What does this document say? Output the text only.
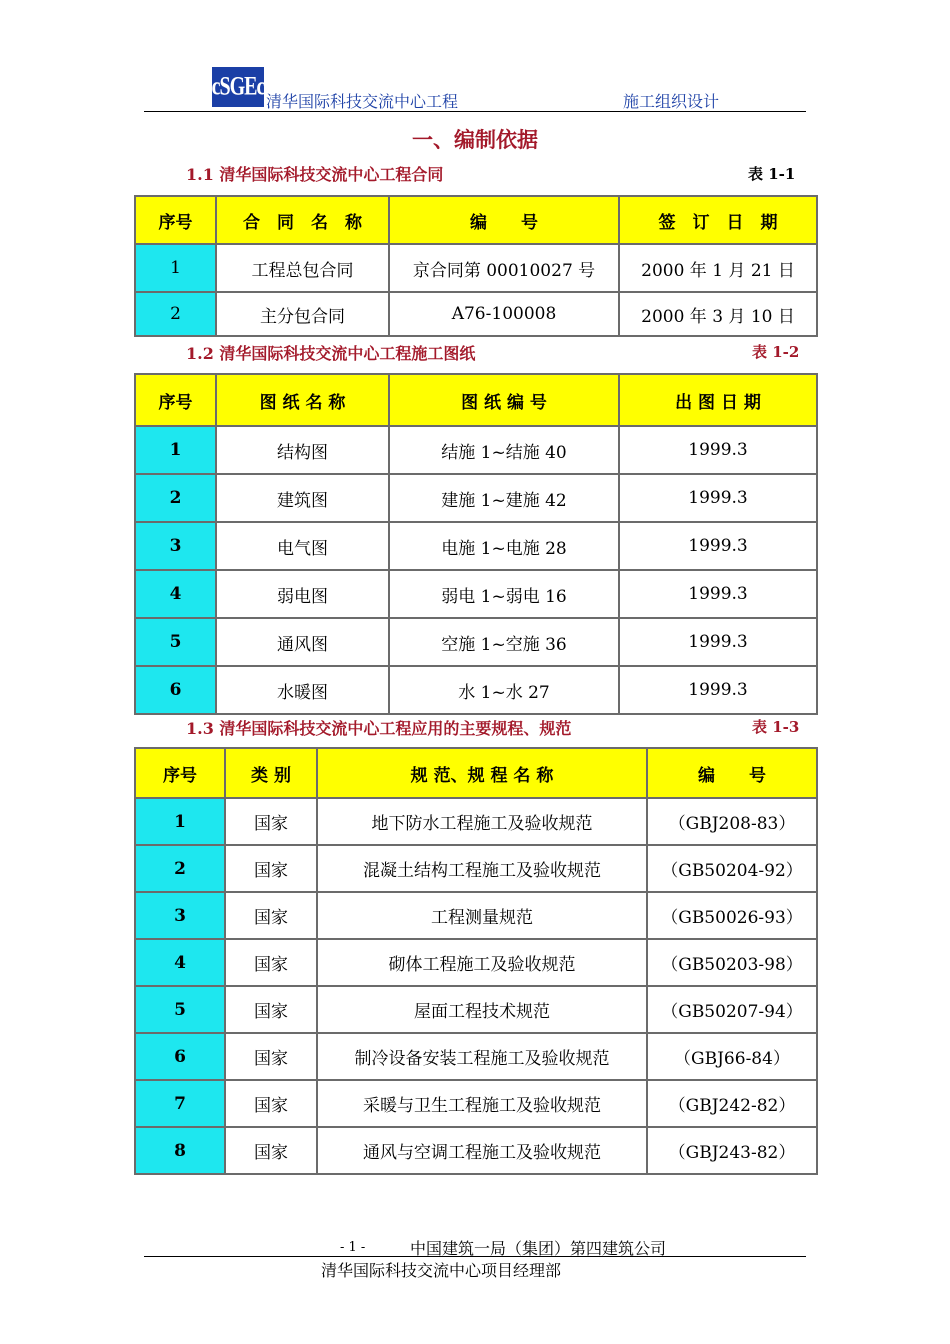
cSGEc
清华国际科技交流中心工程	施工组织设计
一、编制依据
1.1 清华国际科技交流中心工程合同	表 1-1
序号	合　同　名　称	编　　号	签　订　日　期
1	工程总包合同	京合同第 00010027 号	2000 年 1 月 21 日
2	主分包合同	A76-100008	2000 年 3 月 10 日
1.2 清华国际科技交流中心工程施工图纸	表 1-2
序号	图 纸 名 称	图 纸 编 号	出 图 日 期
1	结构图	结施 1~结施 40	1999.3
2	建筑图	建施 1~建施 42	1999.3
3	电气图	电施 1~电施 28	1999.3
4	弱电图	弱电 1~弱电 16	1999.3
5	通风图	空施 1~空施 36	1999.3
6	水暖图	水 1~水 27	1999.3
1.3 清华国际科技交流中心工程应用的主要规程、规范	表 1-3
序号	类 别	规 范、规 程 名 称	编　　号
1	国家	地下防水工程施工及验收规范	（GBJ208-83）
2	国家	混凝土结构工程施工及验收规范	（GB50204-92）
3	国家	工程测量规范	（GB50026-93）
4	国家	砌体工程施工及验收规范	（GB50203-98）
5	国家	屋面工程技术规范	（GB50207-94）
6	国家	制冷设备安装工程施工及验收规范	（GBJ66-84）
7	国家	采暖与卫生工程施工及验收规范	（GBJ242-82）
8	国家	通风与空调工程施工及验收规范	（GBJ243-82）
- 1 -	中国建筑一局（集团）第四建筑公司
清华国际科技交流中心项目经理部
